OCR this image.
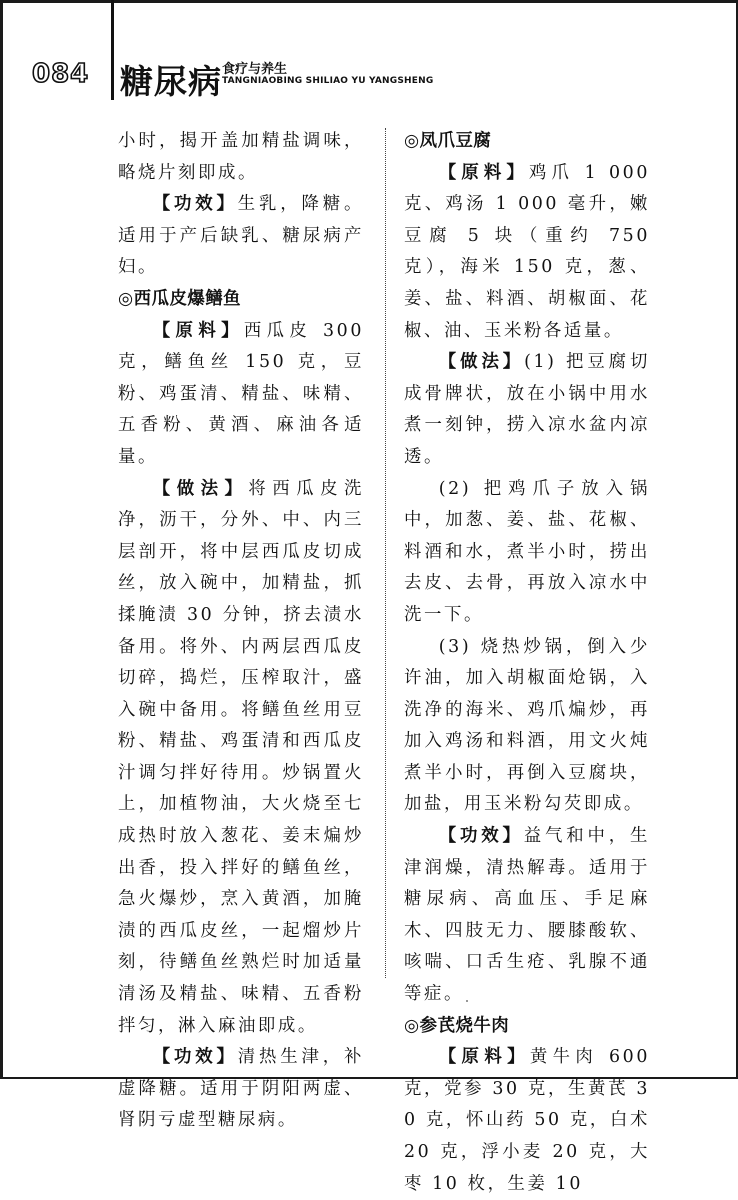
084 糖尿病 食疗与养生
TANGNIAOBING SHILIAO YU YANGSHENG

小时，揭开盖加精盐调味，略烧片刻即成。

【功效】生乳，降糖。适用于产后缺乳、糖尿病产妇。

◎西瓜皮爆鳝鱼

【原料】西瓜皮 300 克，鳝鱼丝 150 克，豆粉、鸡蛋清、精盐、味精、五香粉、黄酒、麻油各适量。

【做法】将西瓜皮洗净，沥干，分外、中、内三层剖开，将中层西瓜皮切成丝，放入碗中，加精盐，抓揉腌渍 30 分钟，挤去渍水备用。将外、内两层西瓜皮切碎，捣烂，压榨取汁，盛入碗中备用。将鳝鱼丝用豆粉、精盐、鸡蛋清和西瓜皮汁调匀拌好待用。炒锅置火上，加植物油，大火烧至七成热时放入葱花、姜末煸炒出香，投入拌好的鳝鱼丝，急火爆炒，烹入黄酒，加腌渍的西瓜皮丝，一起熘炒片刻，待鳝鱼丝熟烂时加适量清汤及精盐、味精、五香粉拌匀，淋入麻油即成。

【功效】清热生津，补虚降糖。适用于阴阳两虚、肾阴亏虚型糖尿病。

◎凤爪豆腐

【原料】鸡爪 1 000 克、鸡汤 1 000 毫升，嫩豆腐 5 块（重约 750 克），海米 150 克，葱、姜、盐、料酒、胡椒面、花椒、油、玉米粉各适量。

【做法】(1) 把豆腐切成骨牌状，放在小锅中用水煮一刻钟，捞入凉水盆内凉透。

(2) 把鸡爪子放入锅中，加葱、姜、盐、花椒、料酒和水，煮半小时，捞出去皮、去骨，再放入凉水中洗一下。

(3) 烧热炒锅，倒入少许油，加入胡椒面炝锅，入洗净的海米、鸡爪煸炒，再加入鸡汤和料酒，用文火炖煮半小时，再倒入豆腐块，加盐，用玉米粉勾芡即成。

【功效】益气和中，生津润燥，清热解毒。适用于糖尿病、高血压、手足麻木、四肢无力、腰膝酸软、咳喘、口舌生疮、乳腺不通等症。

◎参芪烧牛肉

【原料】黄牛肉 600 克，党参 30 克，生黄芪 30 克，怀山药 50 克，白术 20 克，浮小麦 20 克，大枣 10 枚，生姜 10
